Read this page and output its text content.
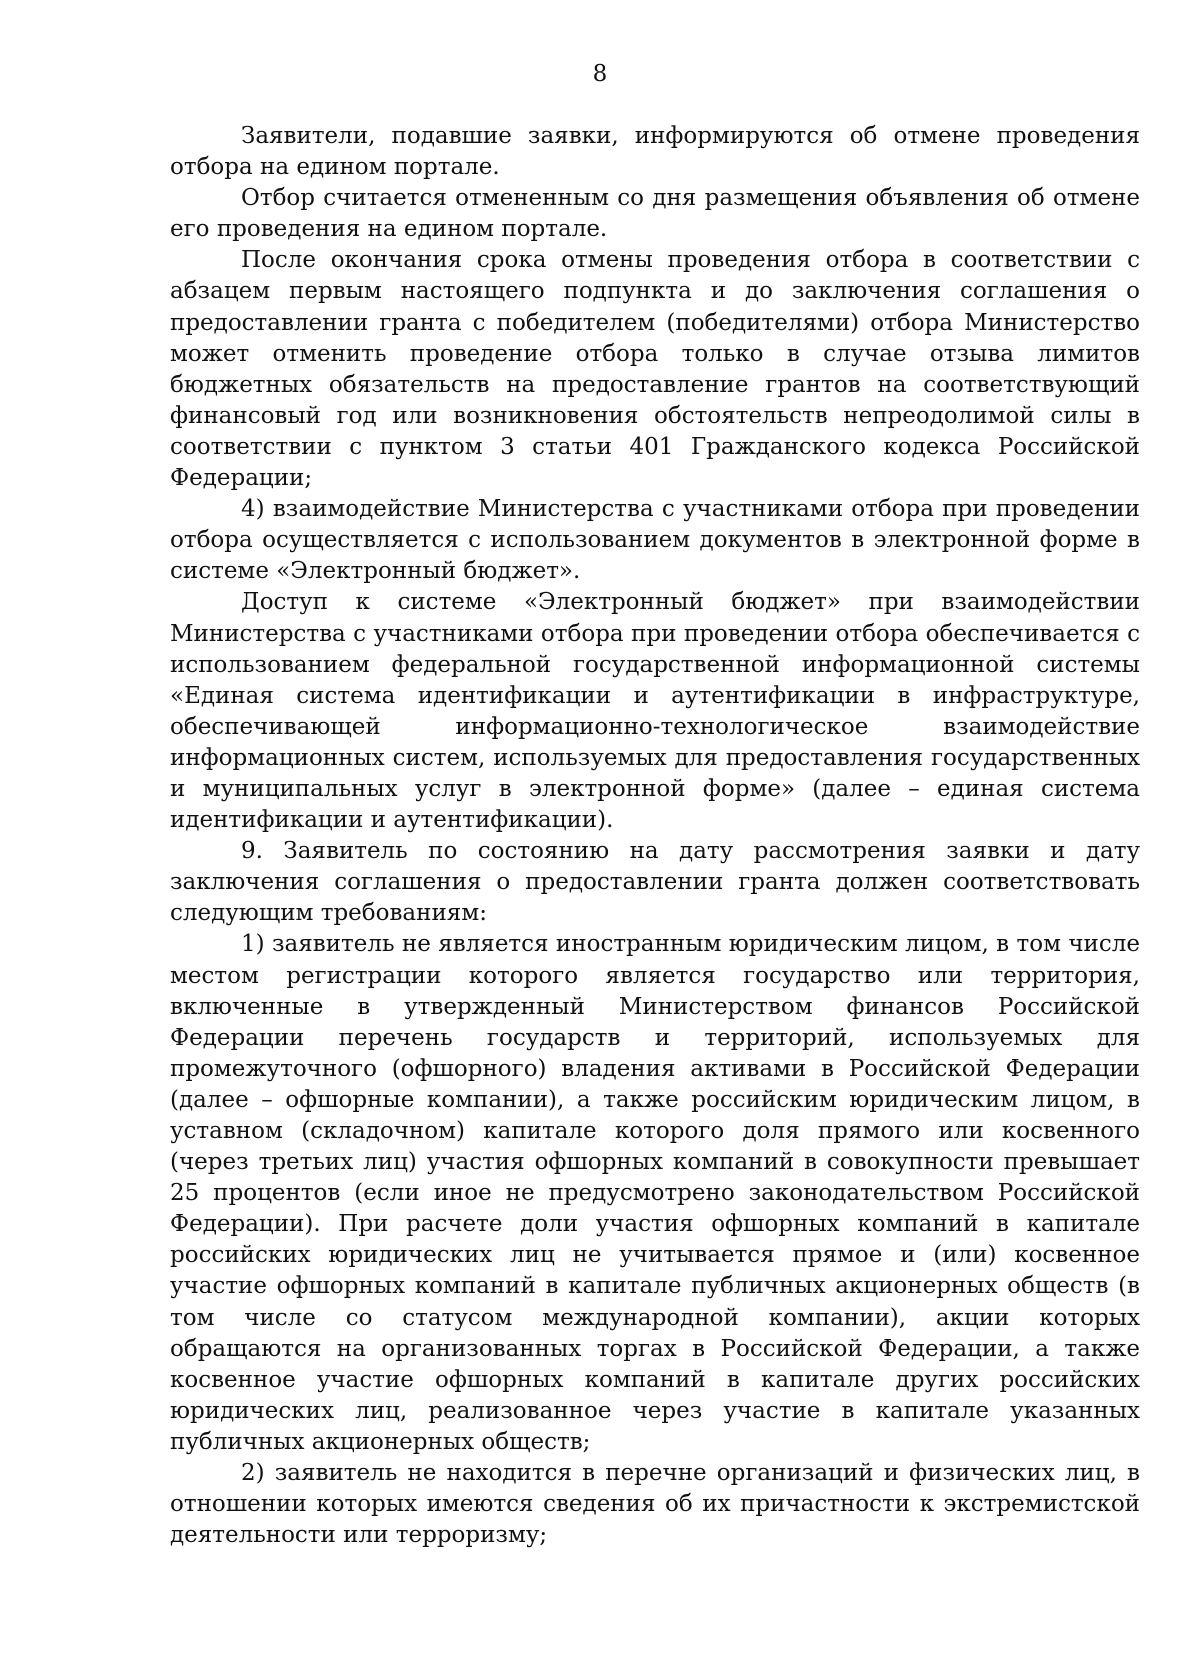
8

Заявители, подавшие заявки, информируются об отмене проведения отбора на едином портале.

Отбор считается отмененным со дня размещения объявления об отмене его проведения на едином портале.

После окончания срока отмены проведения отбора в соответствии с абзацем первым настоящего подпункта и до заключения соглашения о предоставлении гранта с победителем (победителями) отбора Министерство может отменить проведение отбора только в случае отзыва лимитов бюджетных обязательств на предоставление грантов на соответствующий финансовый год или возникновения обстоятельств непреодолимой силы в соответствии с пунктом 3 статьи 401 Гражданского кодекса Российской Федерации;

4) взаимодействие Министерства с участниками отбора при проведении отбора осуществляется с использованием документов в электронной форме в системе «Электронный бюджет».

Доступ к системе «Электронный бюджет» при взаимодействии Министерства с участниками отбора при проведении отбора обеспечивается с использованием федеральной государственной информационной системы «Единая система идентификации и аутентификации в инфраструктуре, обеспечивающей информационно-технологическое взаимодействие информационных систем, используемых для предоставления государственных и муниципальных услуг в электронной форме» (далее – единая система идентификации и аутентификации).

9. Заявитель по состоянию на дату рассмотрения заявки и дату заключения соглашения о предоставлении гранта должен соответствовать следующим требованиям:

1) заявитель не является иностранным юридическим лицом, в том числе местом регистрации которого является государство или территория, включенные в утвержденный Министерством финансов Российской Федерации перечень государств и территорий, используемых для промежуточного (офшорного) владения активами в Российской Федерации (далее – офшорные компании), а также российским юридическим лицом, в уставном (складочном) капитале которого доля прямого или косвенного (через третьих лиц) участия офшорных компаний в совокупности превышает 25 процентов (если иное не предусмотрено законодательством Российской Федерации). При расчете доли участия офшорных компаний в капитале российских юридических лиц не учитывается прямое и (или) косвенное участие офшорных компаний в капитале публичных акционерных обществ (в том числе со статусом международной компании), акции которых обращаются на организованных торгах в Российской Федерации, а также косвенное участие офшорных компаний в капитале других российских юридических лиц, реализованное через участие в капитале указанных публичных акционерных обществ;

2) заявитель не находится в перечне организаций и физических лиц, в отношении которых имеются сведения об их причастности к экстремистской деятельности или терроризму;
